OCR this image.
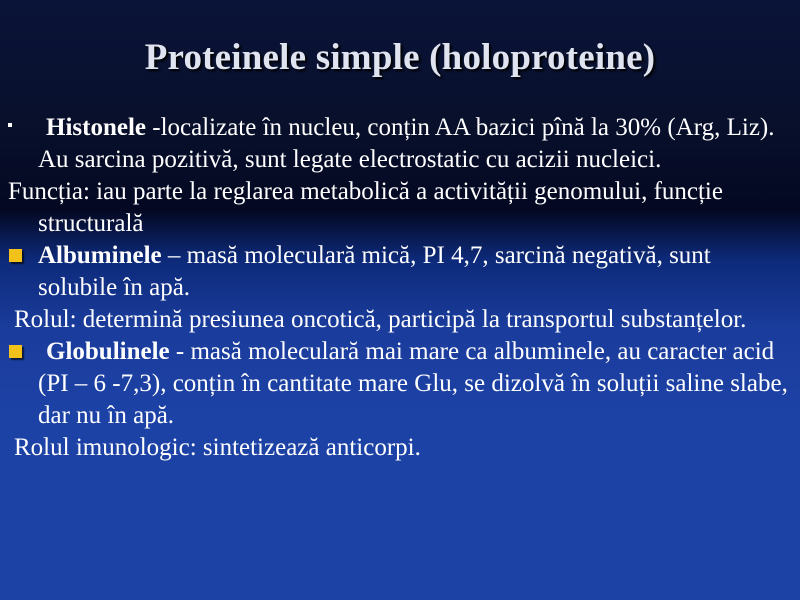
Proteinele simple (holoproteine)

Histonele -localizate în nucleu, conțin AA bazici pînă la 30% (Arg, Liz). Au sarcina pozitivă, sunt legate electrostatic cu acizii nucleici.

Funcția: iau parte la reglarea metabolică a activității genomului, funcție structurală

Albuminele – masă moleculară mică, PI 4,7, sarcină negativă, sunt solubile în apă.

Rolul: determină presiunea oncotică, participă la transportul substanțelor.

Globulinele - masă moleculară mai mare ca albuminele, au caracter acid (PI – 6 -7,3), conțin în cantitate mare Glu, se dizolvă în soluții saline slabe, dar nu în apă.

Rolul imunologic: sintetizează anticorpi.
